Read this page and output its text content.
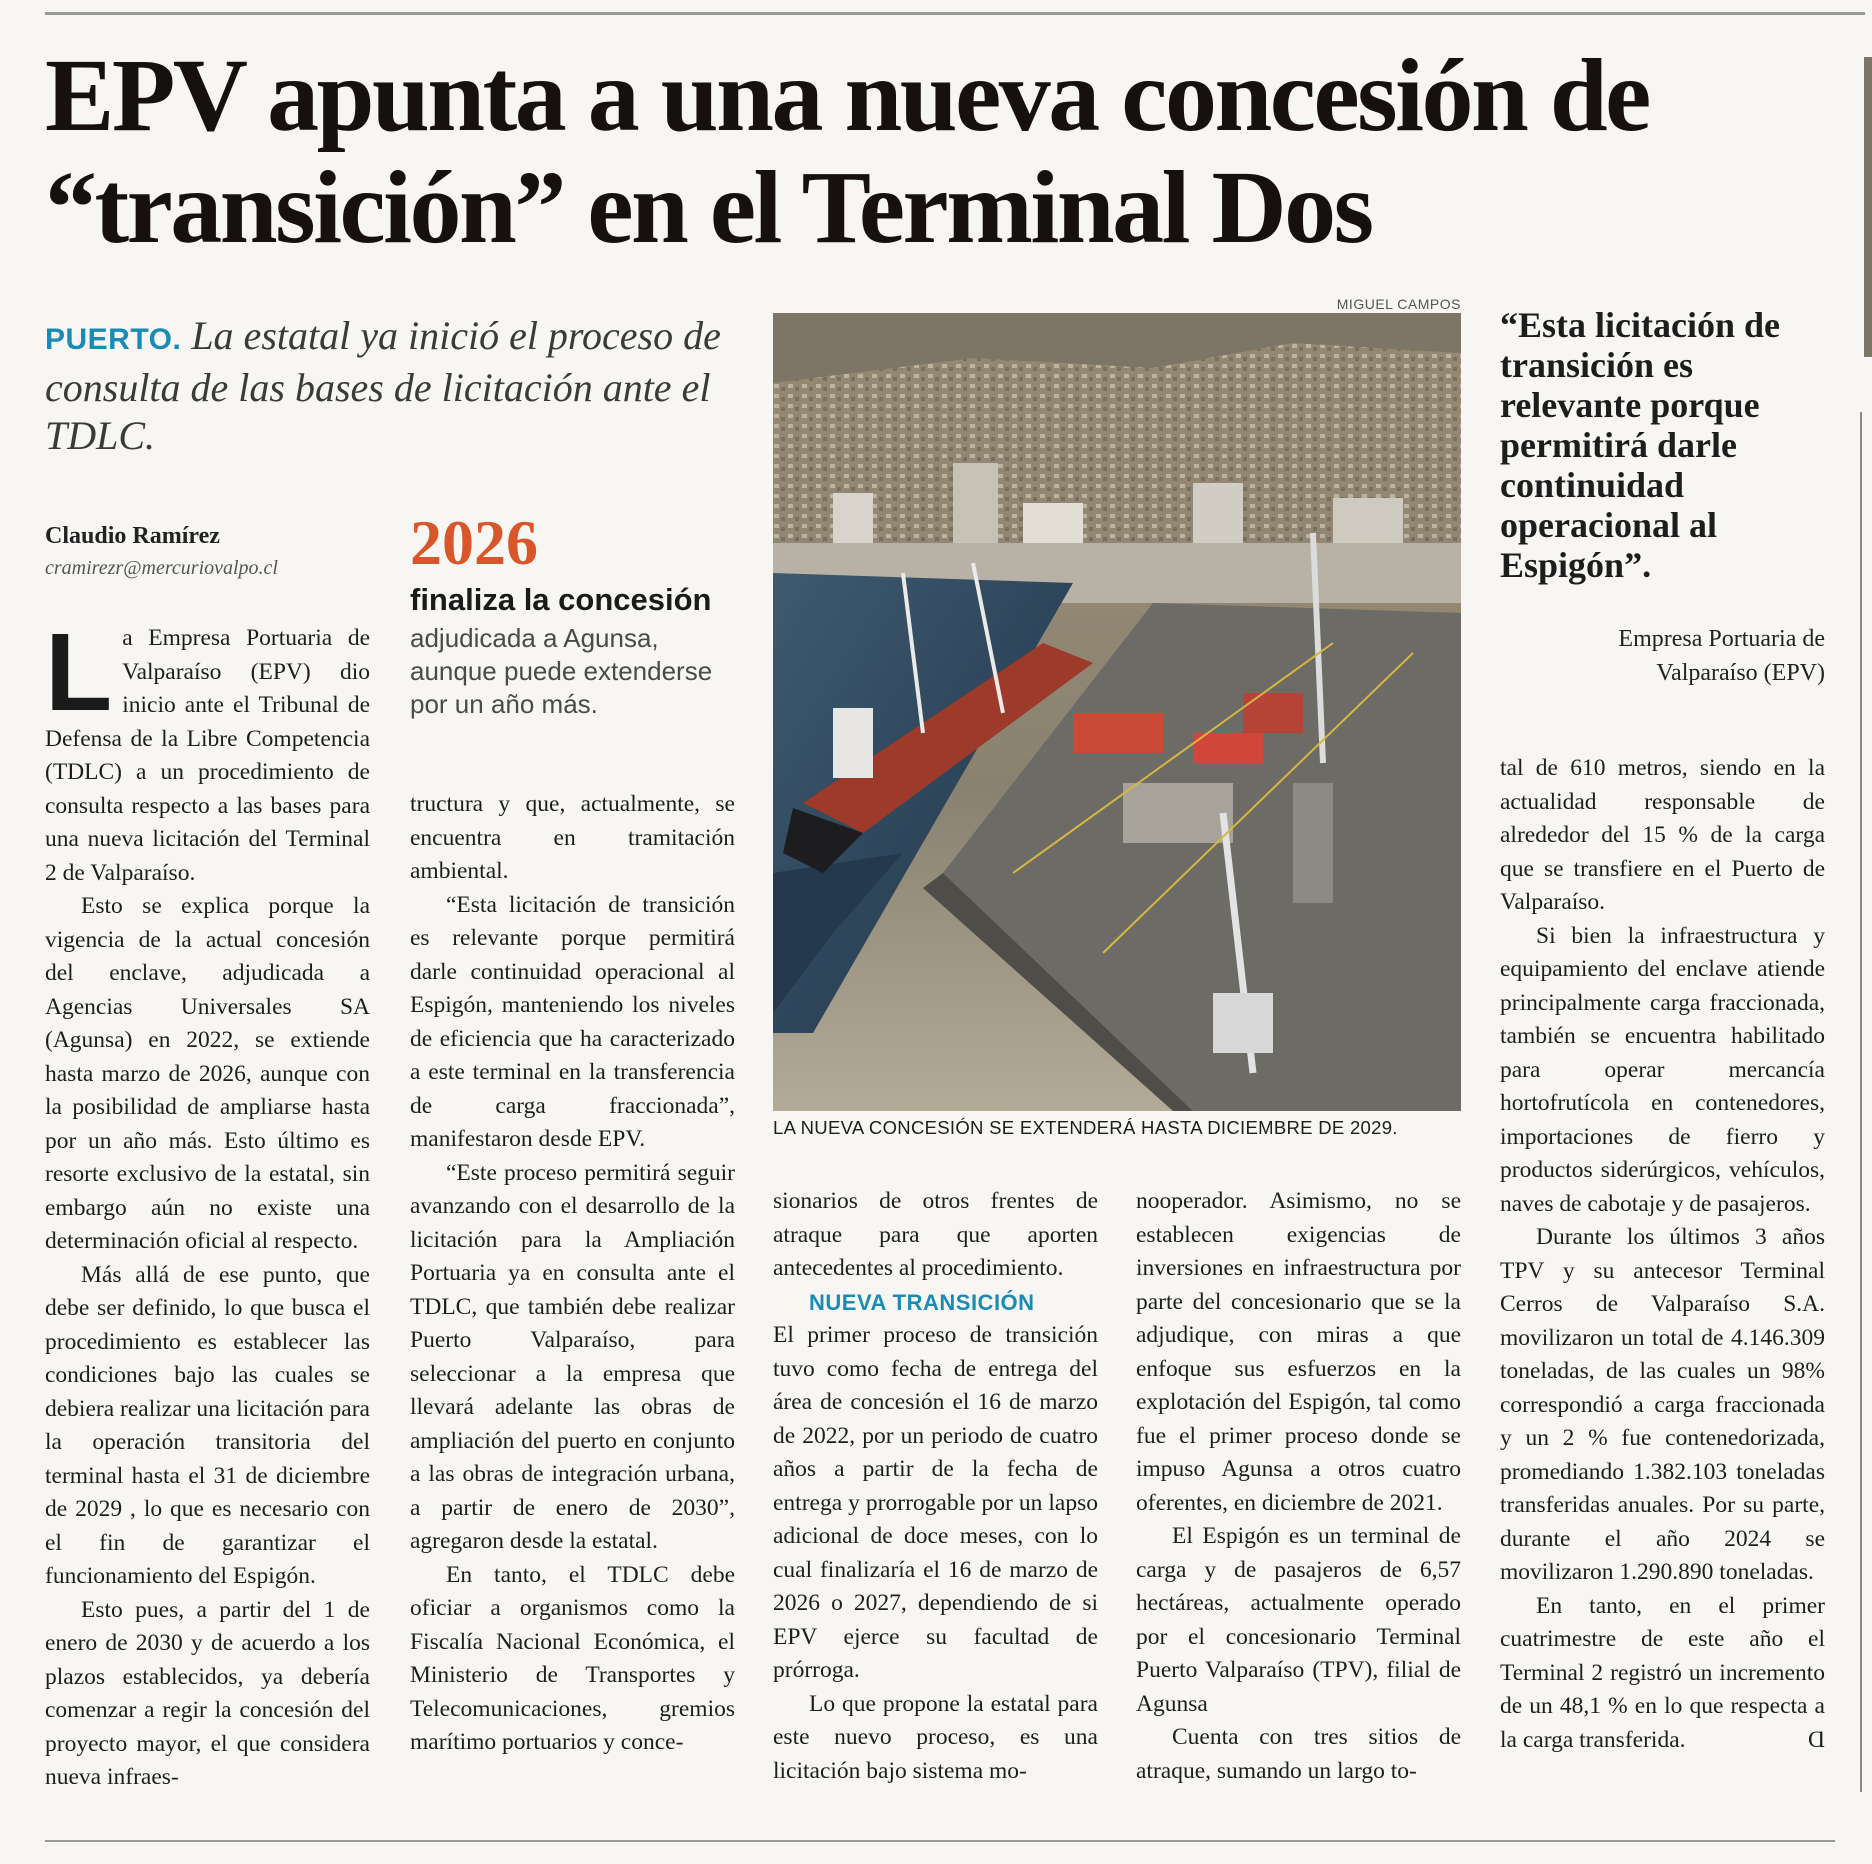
EPV apunta a una nueva concesión de “transición” en el Terminal Dos

PUERTO. La estatal ya inició el proceso de consulta de las bases de licitación ante el TDLC.

Claudio Ramírez
cramirezr@mercuriovalpo.cl 2026
finaliza la concesión
adjudicada a Agunsa, aunque puede extenderse por un año más.

La Empresa Portuaria de Valparaíso (EPV) dio inicio ante el Tribunal de Defensa de la Libre Competencia (TDLC) a un procedimiento de consulta respecto a las bases para una nueva licitación del Terminal 2 de Valparaíso.

Esto se explica porque la vigencia de la actual concesión del enclave, adjudicada a Agencias Universales SA (Agunsa) en 2022, se extiende hasta marzo de 2026, aunque con la posibilidad de ampliarse hasta por un año más. Esto último es resorte exclusivo de la estatal, sin embargo aún no existe una determinación oficial al respecto.

Más allá de ese punto, que debe ser definido, lo que busca el procedimiento es establecer las condiciones bajo las cuales se debiera realizar una licitación para la operación transitoria del terminal hasta el 31 de diciembre de 2029 , lo que es necesario con el fin de garantizar el funcionamiento del Espigón.

Esto pues, a partir del 1 de enero de 2030 y de acuerdo a los plazos establecidos, ya debería comenzar a regir la concesión del proyecto mayor, el que considera nueva infraes-

tructura y que, actualmente, se encuentra en tramitación ambiental.

“Esta licitación de transición es relevante porque permitirá darle continuidad operacional al Espigón, manteniendo los niveles de eficiencia que ha caracterizado a este terminal en la transferencia de carga fraccionada”, manifestaron desde EPV.

“Este proceso permitirá seguir avanzando con el desarrollo de la licitación para la Ampliación Portuaria ya en consulta ante el TDLC, que también debe realizar Puerto Valparaíso, para seleccionar a la empresa que llevará adelante las obras de ampliación del puerto en conjunto a las obras de integración urbana, a partir de enero de 2030”, agregaron desde la estatal.

En tanto, el TDLC debe oficiar a organismos como la Fiscalía Nacional Económica, el Ministerio de Transportes y Telecomunicaciones, gremios marítimo portuarios y conce-

sionarios de otros frentes de atraque para que aporten antecedentes al procedimiento.

NUEVA TRANSICIÓN

El primer proceso de transición tuvo como fecha de entrega del área de concesión el 16 de marzo de 2022, por un periodo de cuatro años a partir de la fecha de entrega y prorrogable por un lapso adicional de doce meses, con lo cual finalizaría el 16 de marzo de 2026 o 2027, dependiendo de si EPV ejerce su facultad de prórroga.

Lo que propone la estatal para este nuevo proceso, es una licitación bajo sistema mo-

nooperador. Asimismo, no se establecen exigencias de inversiones en infraestructura por parte del concesionario que se la adjudique, con miras a que enfoque sus esfuerzos en la explotación del Espigón, tal como fue el primer proceso donde se impuso Agunsa a otros cuatro oferentes, en diciembre de 2021.

El Espigón es un terminal de carga y de pasajeros de 6,57 hectáreas, actualmente operado por el concesionario Terminal Puerto Valparaíso (TPV), filial de Agunsa

Cuenta con tres sitios de atraque, sumando un largo to-

tal de 610 metros, siendo en la actualidad responsable de alrededor del 15 % de la carga que se transfiere en el Puerto de Valparaíso.

Si bien la infraestructura y equipamiento del enclave atiende principalmente carga fraccionada, también se encuentra habilitado para operar mercancía hortofrutícola en contenedores, importaciones de fierro y productos siderúrgicos, vehículos, naves de cabotaje y de pasajeros.

Durante los últimos 3 años TPV y su antecesor Terminal Cerros de Valparaíso S.A. movilizaron un total de 4.146.309 toneladas, de las cuales un 98% correspondió a carga fraccionada y un 2 % fue contenedorizada, promediando 1.382.103 toneladas transferidas anuales. Por su parte, durante el año 2024 se movilizaron 1.290.890 toneladas.

En tanto, en el primer cuatrimestre de este año el Terminal 2 registró un incremento de un 48,1 % en lo que respecta a la carga transferida.	Ɑ

MIGUEL CAMPOS
LA NUEVA CONCESIÓN SE EXTENDERÁ HASTA DICIEMBRE DE 2029.

“Esta licitación de transición es relevante porque permitirá darle continuidad operacional al Espigón”.

Empresa Portuaria de Valparaíso (EPV)
